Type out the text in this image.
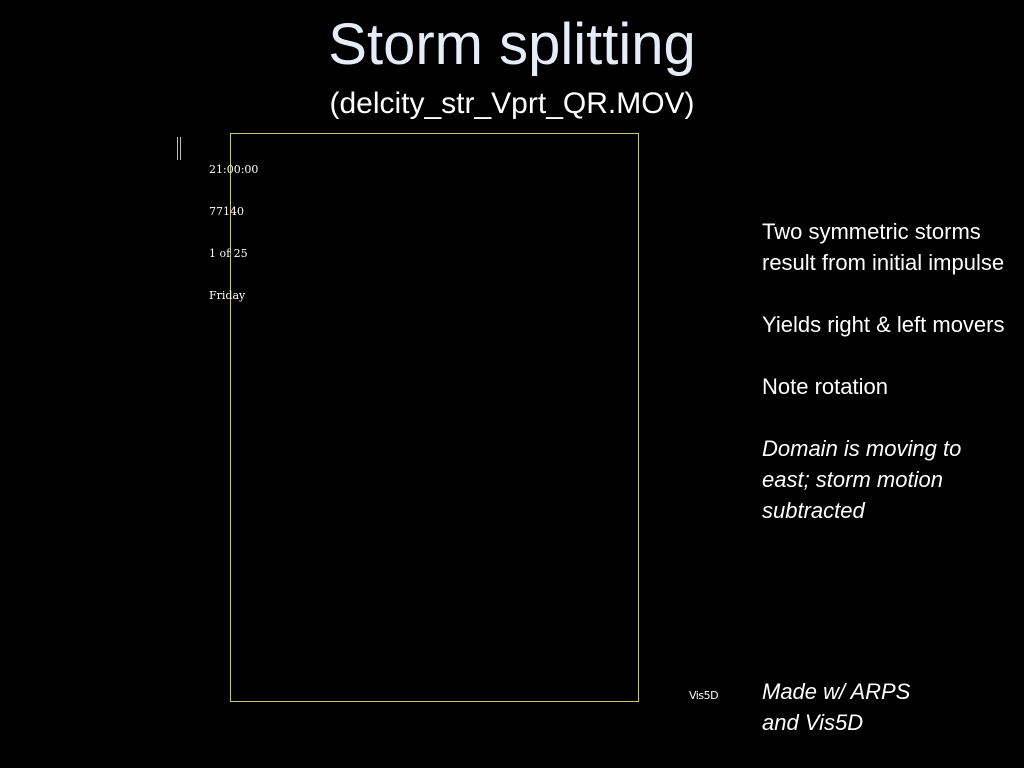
Storm splitting
(delcity_str_Vprt_QR.MOV)

21:00:00

77140

1 of 25

Friday

Vis5D
Two symmetric storms result from initial impulse
Yields right & left movers
Note rotation
Domain is moving to east; storm motion subtracted
Made w/ ARPS
and Vis5D
